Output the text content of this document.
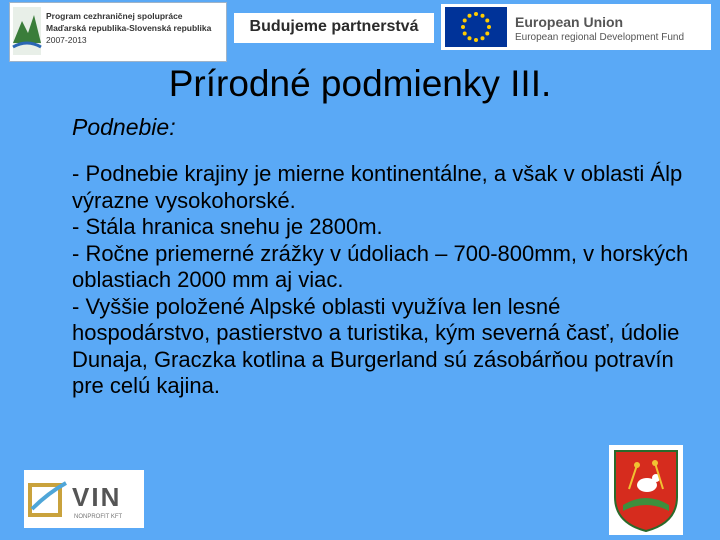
Program cezhraničnej spolupráce
Maďarská republika-Slovenská republika
2007-2013
Budujeme partnerstvá	European Union
European regional Development Fund
Prírodné podmienky III.
Podnebie:

- Podnebie krajiny je mierne kontinentálne, a však v oblasti Álp výrazne vysokohorské.

- Stála hranica snehu je 2800m.

- Ročne priemerné zrážky v údoliach – 700-800mm, v horských oblastiach 2000 mm aj viac.

- Vyššie položené Alpské oblasti využíva len lesné hospodárstvo, pastierstvo a turistika, kým severná časť, údolie Dunaja, Graczka kotlina a Burgerland sú zásobárňou potravín pre celú kajina.

VIN
NONPROFIT KFT
